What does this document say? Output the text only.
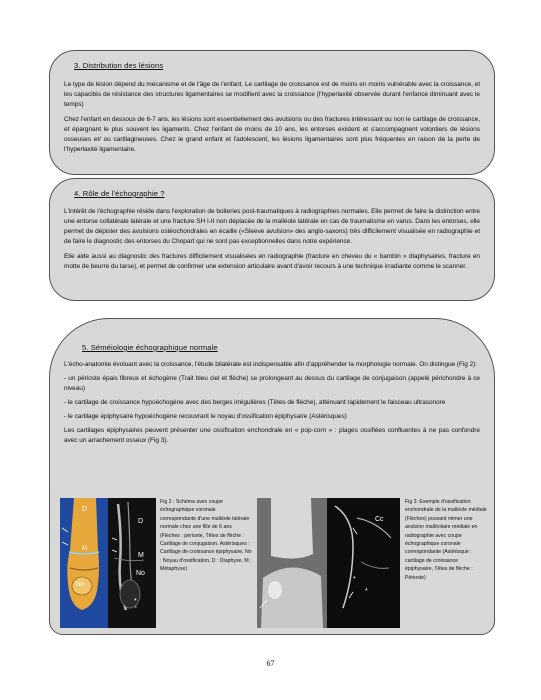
3. Distribution des lésions

Le type de lésion dépend du mécanisme et de l'âge de l'enfant. Le cartilage de croissance est de moins en moins vulnérable avec la croissance, et les capacités de résistance des structures ligamentaires se modifient avec la croissance (l'hyperlaxité observée durant l'enfance diminuant avec le temps)

Chez l'enfant en dessous de 6-7 ans, les lésions sont essentiellement des avulsions ou des fractures intéressant ou non le cartilage de croissance, et épargnant le plus souvent les ligaments. Chez l'enfant de moins de 10 ans, les entorses existent et s'accompagnent volontiers de lésions osseuses et/ ou cartilagineuses. Chez le grand enfant et l'adolescent, les lésions ligamentaires sont plus fréquentes en raison de la perte de l'hyperlaxité ligamentaire.

4. Rôle de l'échographie ?

L'intérêt de l'échographie réside dans l'exploration de boiteries post-traumatiques à radiographies normales. Elle permet de faire la distinction entre une entorse collatérale latérale et une fracture SH I-II non déplacée de la malléole latérale en cas de traumatisme en varus. Dans les entorses, elle permet de dépister des avulsions ostéochondrales en écaille («Sleeve avulsion» des anglo-saxons) très difficilement visualisée en radiographie et de faire le diagnostic des entorses du Chopart qui ne sont pas exceptionnelles dans notre expérience.

Elle aide aussi au diagnostic des fractures difficilement visualisées en radiographie (fracture en cheveu du « bambin » diaphysaires, fracture en motte de beurre du tarse), et permet de confirmer une extension articulaire avant d'avoir recours à une technique irradiante comme le scanner.

5. Séméiologie échographique normale

L'écho-anatomie évoluant avec la croissance, l'étude bilatérale est indispensable afin d'appréhender la morphologie normale. On distingue (Fig 2):

- un périoste épais fibreux et échogène (Trait bleu ciel et flèche) se prolongeant au dessus du cartilage de conjugaison (appelé périchondre à ce niveau)

- le cartilage de croissance hypoéchogène avec des berges irrégulières (Têtes de flèche), atténuant rapidement le faisceau ultrasonore

- le cartilage épiphysaire hypoéchogène recouvrant le noyau d'ossification épiphysaire (Astérisques)

Les cartilages épiphysaires peuvent présenter une ossification enchondrale en « pop-corn » : plages ossifiées confluentes à ne pas confondre avec un arrachement osseux (Fig 3).

D
D
M
M
No
No
*
Fig 2 : Schéma avec coupe échographique coronale correspondante d'une malléole latérale normale chez une fille de 6 ans (Flèches : périoste, Têtes de flèche : Cartilage de conjugaison, Astérisques : Cartilage de croissance épiphysaire, No : Noyau d'ossification, D : Diaphyse, M : Métaphyse)
Cc
*
*
Fig 3: Exemple d'ossification enchondrale de la malléole médiale (Flèches) pouvant mimer une avulsion malléolaire médiale en radiographie avec coupe échographique coronale correspondante (Astérisque : cartilage de croissance épiphysaire, Têtes de flèche : Périoste)
67
